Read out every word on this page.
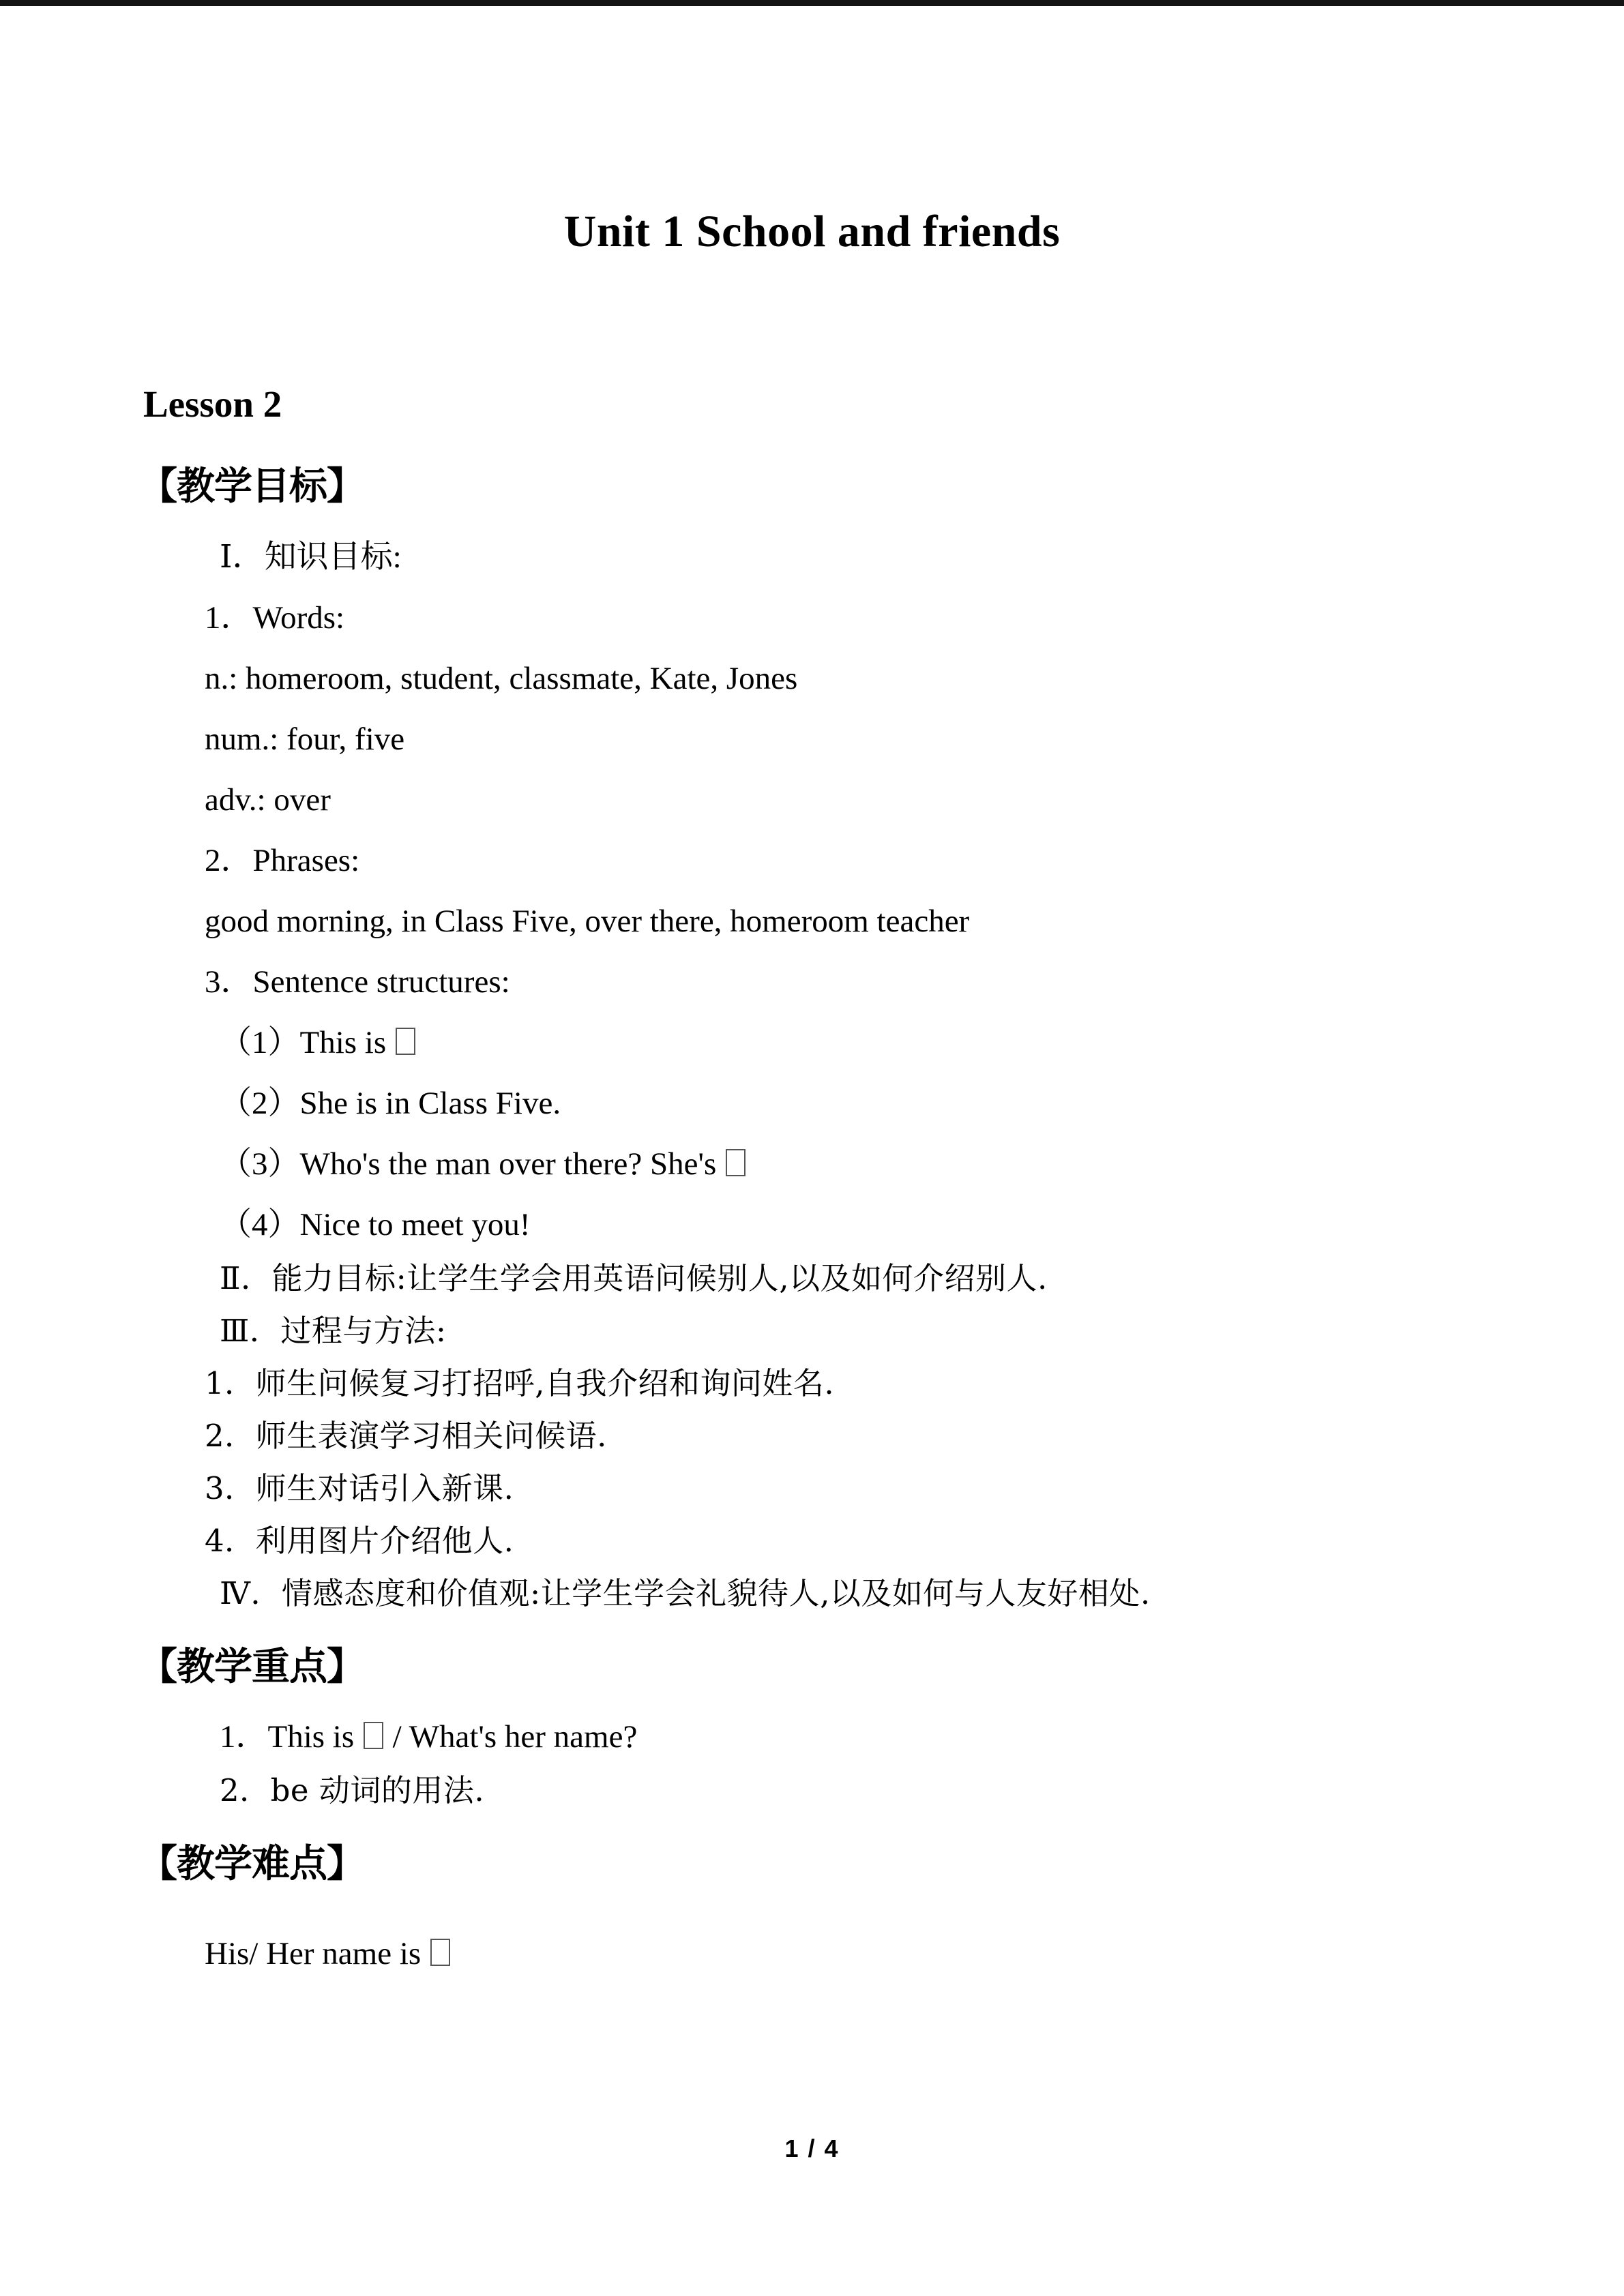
Unit 1 School and friends
Lesson 2
【教学目标】

Ⅰ．知识目标:

1．Words:

n.: homeroom, student, classmate, Kate, Jones

num.: four, five

adv.: over

2．Phrases:

good morning, in Class Five, over there, homeroom teacher

3．Sentence structures:

（1）This is

（2）She is in Class Five.

（3）Who's the man over there? She's

（4）Nice to meet you!

Ⅱ．能力目标:让学生学会用英语问候别人,以及如何介绍别人.

Ⅲ．过程与方法:

1．师生问候复习打招呼,自我介绍和询问姓名.

2．师生表演学习相关问候语.

3．师生对话引入新课.

4．利用图片介绍他人.

Ⅳ．情感态度和价值观:让学生学会礼貌待人,以及如何与人友好相处.

【教学重点】

1．This is  / What's her name?

2．be 动词的用法.

【教学难点】

His/ Her name is

1 / 4
